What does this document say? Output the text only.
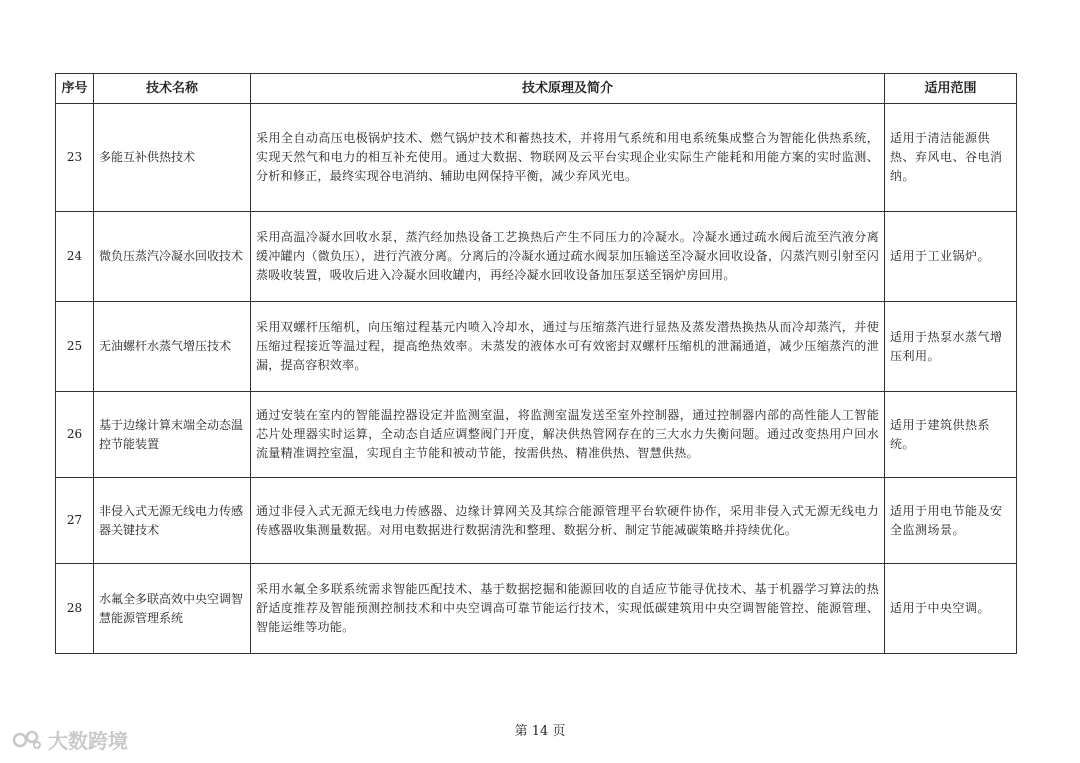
序号	技术名称	技术原理及简介	适用范围
23	多能互补供热技术	采用全自动高压电极锅炉技术、燃气锅炉技术和蓄热技术，并将用气系统和用电系统集成整合为智能化供热系统，实现天然气和电力的相互补充使用。通过大数据、物联网及云平台实现企业实际生产能耗和用能方案的实时监测、分析和修正，最终实现谷电消纳、辅助电网保持平衡，减少弃风光电。	适用于清洁能源供热、弃风电、谷电消纳。
24	微负压蒸汽冷凝水回收技术	采用高温冷凝水回收水泵，蒸汽经加热设备工艺换热后产生不同压力的冷凝水。冷凝水通过疏水阀后流至汽液分离缓冲罐内（微负压），进行汽液分离。分离后的冷凝水通过疏水阀泵加压输送至冷凝水回收设备，闪蒸汽则引射至闪蒸吸收装置，吸收后进入冷凝水回收罐内，再经冷凝水回收设备加压泵送至锅炉房回用。	适用于工业锅炉。
25	无油螺杆水蒸气增压技术	采用双螺杆压缩机，向压缩过程基元内喷入冷却水，通过与压缩蒸汽进行显热及蒸发潜热换热从而冷却蒸汽，并使压缩过程接近等温过程，提高绝热效率。未蒸发的液体水可有效密封双螺杆压缩机的泄漏通道，减少压缩蒸汽的泄漏，提高容积效率。	适用于热泵水蒸气增压利用。
26	基于边缘计算末端全动态温控节能装置	通过安装在室内的智能温控器设定并监测室温，将监测室温发送至室外控制器，通过控制器内部的高性能人工智能芯片处理器实时运算，全动态自适应调整阀门开度，解决供热管网存在的三大水力失衡问题。通过改变热用户回水流量精准调控室温，实现自主节能和被动节能，按需供热、精准供热、智慧供热。	适用于建筑供热系统。
27	非侵入式无源无线电力传感器关键技术	通过非侵入式无源无线电力传感器、边缘计算网关及其综合能源管理平台软硬件协作，采用非侵入式无源无线电力传感器收集测量数据。对用电数据进行数据清洗和整理、数据分析、制定节能减碳策略并持续优化。	适用于用电节能及安全监测场景。
28	水氟全多联高效中央空调智慧能源管理系统	采用水氟全多联系统需求智能匹配技术、基于数据挖掘和能源回收的自适应节能寻优技术、基于机器学习算法的热舒适度推荐及智能预测控制技术和中央空调高可靠节能运行技术，实现低碳建筑用中央空调智能管控、能源管理、智能运维等功能。	适用于中央空调。
第 14 页
大数跨境
